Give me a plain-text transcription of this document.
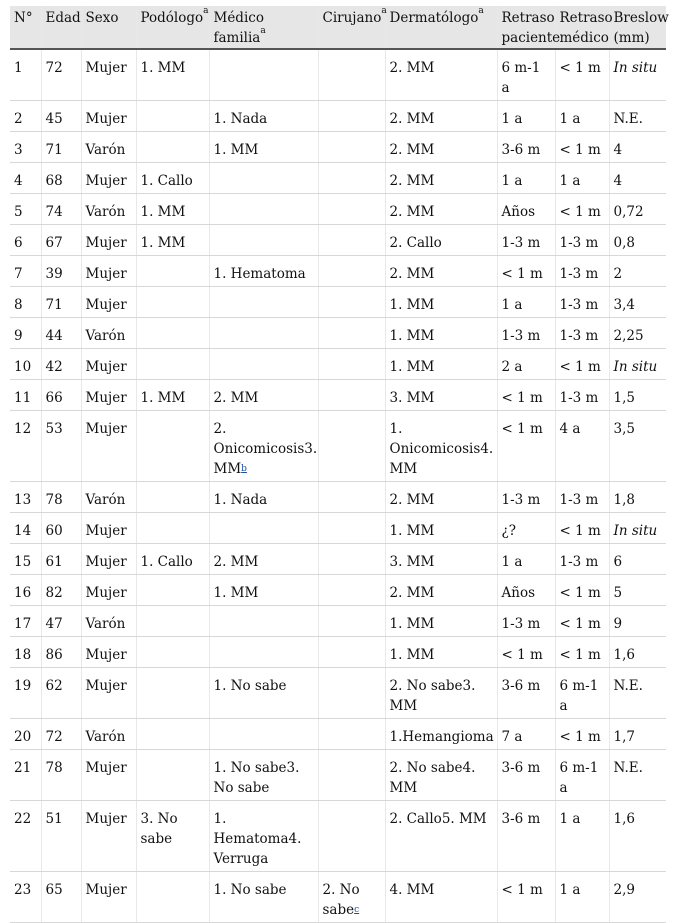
N°	Edad	Sexo	Podólogo$^a$	Médico familia$^a$	Cirujano$^a$	Dermatólogo$^a$	Retraso paciente	Retraso médico	Breslow (mm)
1	72	Mujer	1. MM			2. MM	6 m-1 a	< 1 m	In situ
2	45	Mujer		1. Nada		2. MM	1 a	1 a	N.E.
3	71	Varón		1. MM		2. MM	3-6 m	< 1 m	4
4	68	Mujer	1. Callo			2. MM	1 a	1 a	4
5	74	Varón	1. MM			2. MM	Años	< 1 m	0,72
6	67	Mujer	1. MM			2. Callo	1-3 m	1-3 m	0,8
7	39	Mujer		1. Hematoma		2. MM	< 1 m	1-3 m	2
8	71	Mujer				1. MM	1 a	1-3 m	3,4
9	44	Varón				1. MM	1-3 m	1-3 m	2,25
10	42	Mujer				1. MM	2 a	< 1 m	In situ
11	66	Mujer	1. MM	2. MM		3. MM	< 1 m	1-3 m	1,5
12	53	Mujer		2. Onicomicosis3. MM$^b$		1. Onicomicosis4. MM	< 1 m	4 a	3,5
13	78	Varón		1. Nada		2. MM	1-3 m	1-3 m	1,8
14	60	Mujer				1. MM	¿?	< 1 m	In situ
15	61	Mujer	1. Callo	2. MM		3. MM	1 a	1-3 m	6
16	82	Mujer		1. MM		2. MM	Años	< 1 m	5
17	47	Varón				1. MM	1-3 m	< 1 m	9
18	86	Mujer				1. MM	< 1 m	< 1 m	1,6
19	62	Mujer		1. No sabe		2. No sabe3. MM	3-6 m	6 m-1 a	N.E.
20	72	Varón				1.Hemangioma	7 a	< 1 m	1,7
21	78	Mujer		1. No sabe3. No sabe		2. No sabe4. MM	3-6 m	6 m-1 a	N.E.
22	51	Mujer	3. No sabe	1. Hematoma4. Verruga		2. Callo5. MM	3-6 m	1 a	1,6
23	65	Mujer		1. No sabe	2. No sabe$^c$	4. MM	< 1 m	1 a	2,9
